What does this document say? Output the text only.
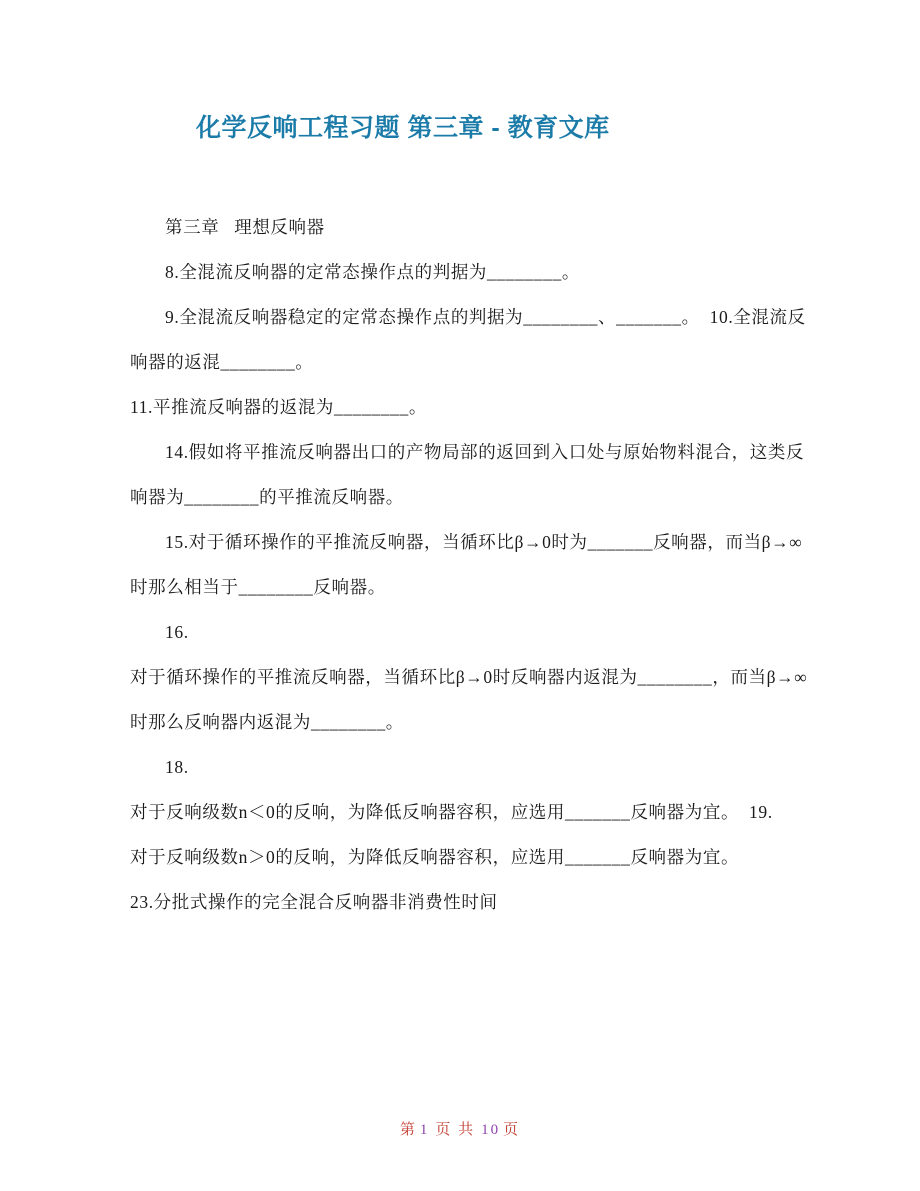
化学反响工程习题 第三章 - 教育文库

第三章   理想反响器

8.全混流反响器的定常态操作点的判据为________。

9.全混流反响器稳定的定常态操作点的判据为________、_______。  10.全混流反响器的返混________。

11.平推流反响器的返混为________。

14.假如将平推流反响器出口的产物局部的返回到入口处与原始物料混合，这类反响器为________的平推流反响器。

15.对于循环操作的平推流反响器，当循环比β→0时为_______反响器，而当β→∞时那么相当于________反响器。

16.

对于循环操作的平推流反响器，当循环比β→0时反响器内返混为________，而当β→∞时那么反响器内返混为________。

18.

对于反响级数n＜0的反响，为降低反响器容积，应选用_______反响器为宜。  19.

对于反响级数n＞0的反响，为降低反响器容积，应选用_______反响器为宜。

23.分批式操作的完全混合反响器非消费性时间

第 1 页 共 10 页
